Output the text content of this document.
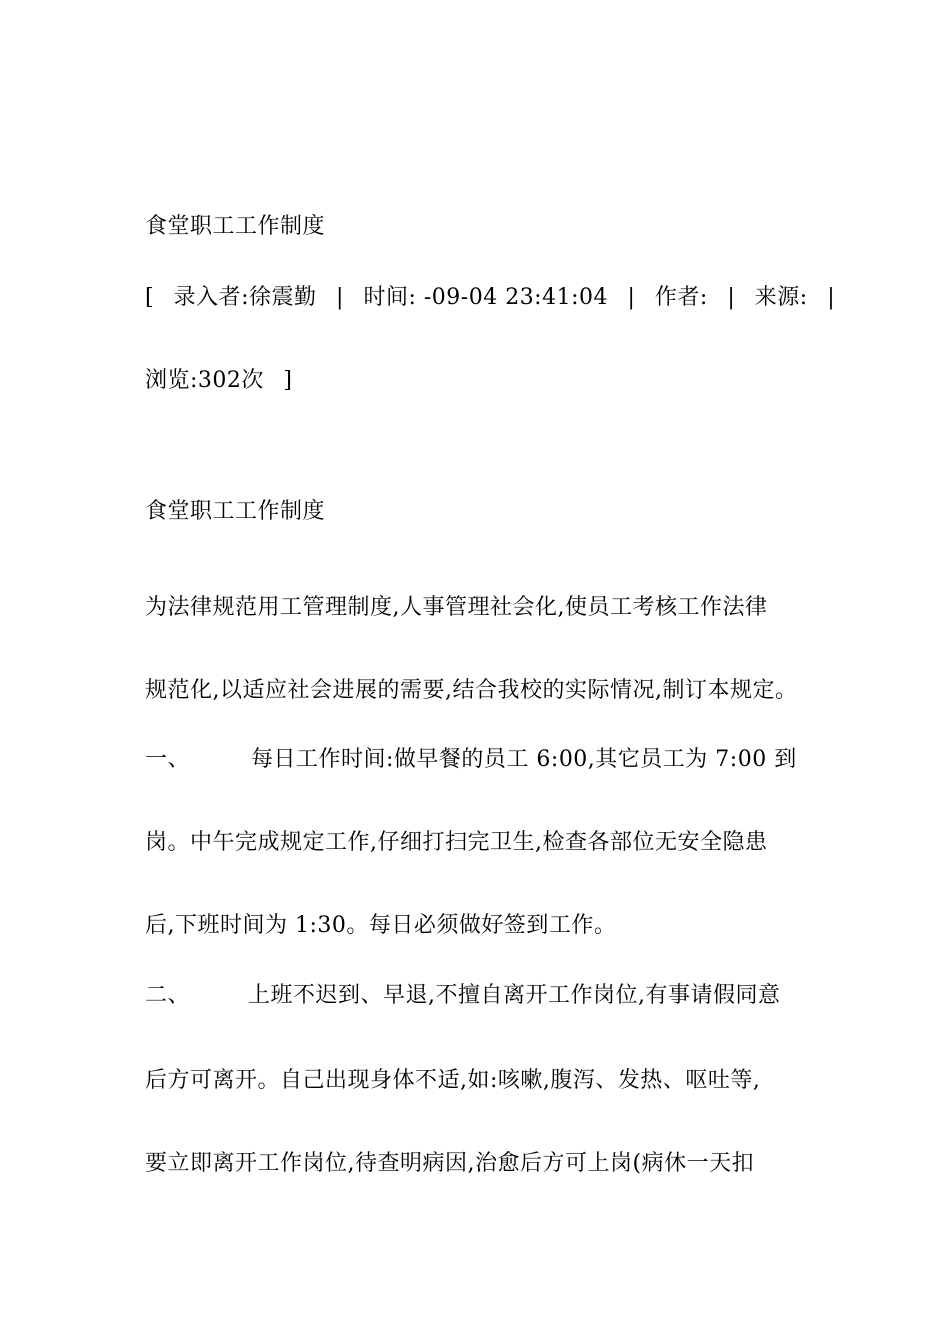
食堂职工工作制度
[ 录入者:徐震勤 | 时间: -09-04 23:41:04 | 作者: | 来源: |
浏览:302次 ]
食堂职工工作制度
为法律规范用工管理制度,人事管理社会化,使员工考核工作法律
规范化,以适应社会进展的需要,结合我校的实际情况,制订本规定。
一、	每日工作时间:做早餐的员工 6:00,其它员工为 7:00 到
岗。中午完成规定工作,仔细打扫完卫生,检查各部位无安全隐患
后,下班时间为 1:30。每日必须做好签到工作。
二、	上班不迟到、早退,不擅自离开工作岗位,有事请假同意
后方可离开。自己出现身体不适,如:咳嗽,腹泻、发热、呕吐等,
要立即离开工作岗位,待查明病因,治愈后方可上岗(病休一天扣
